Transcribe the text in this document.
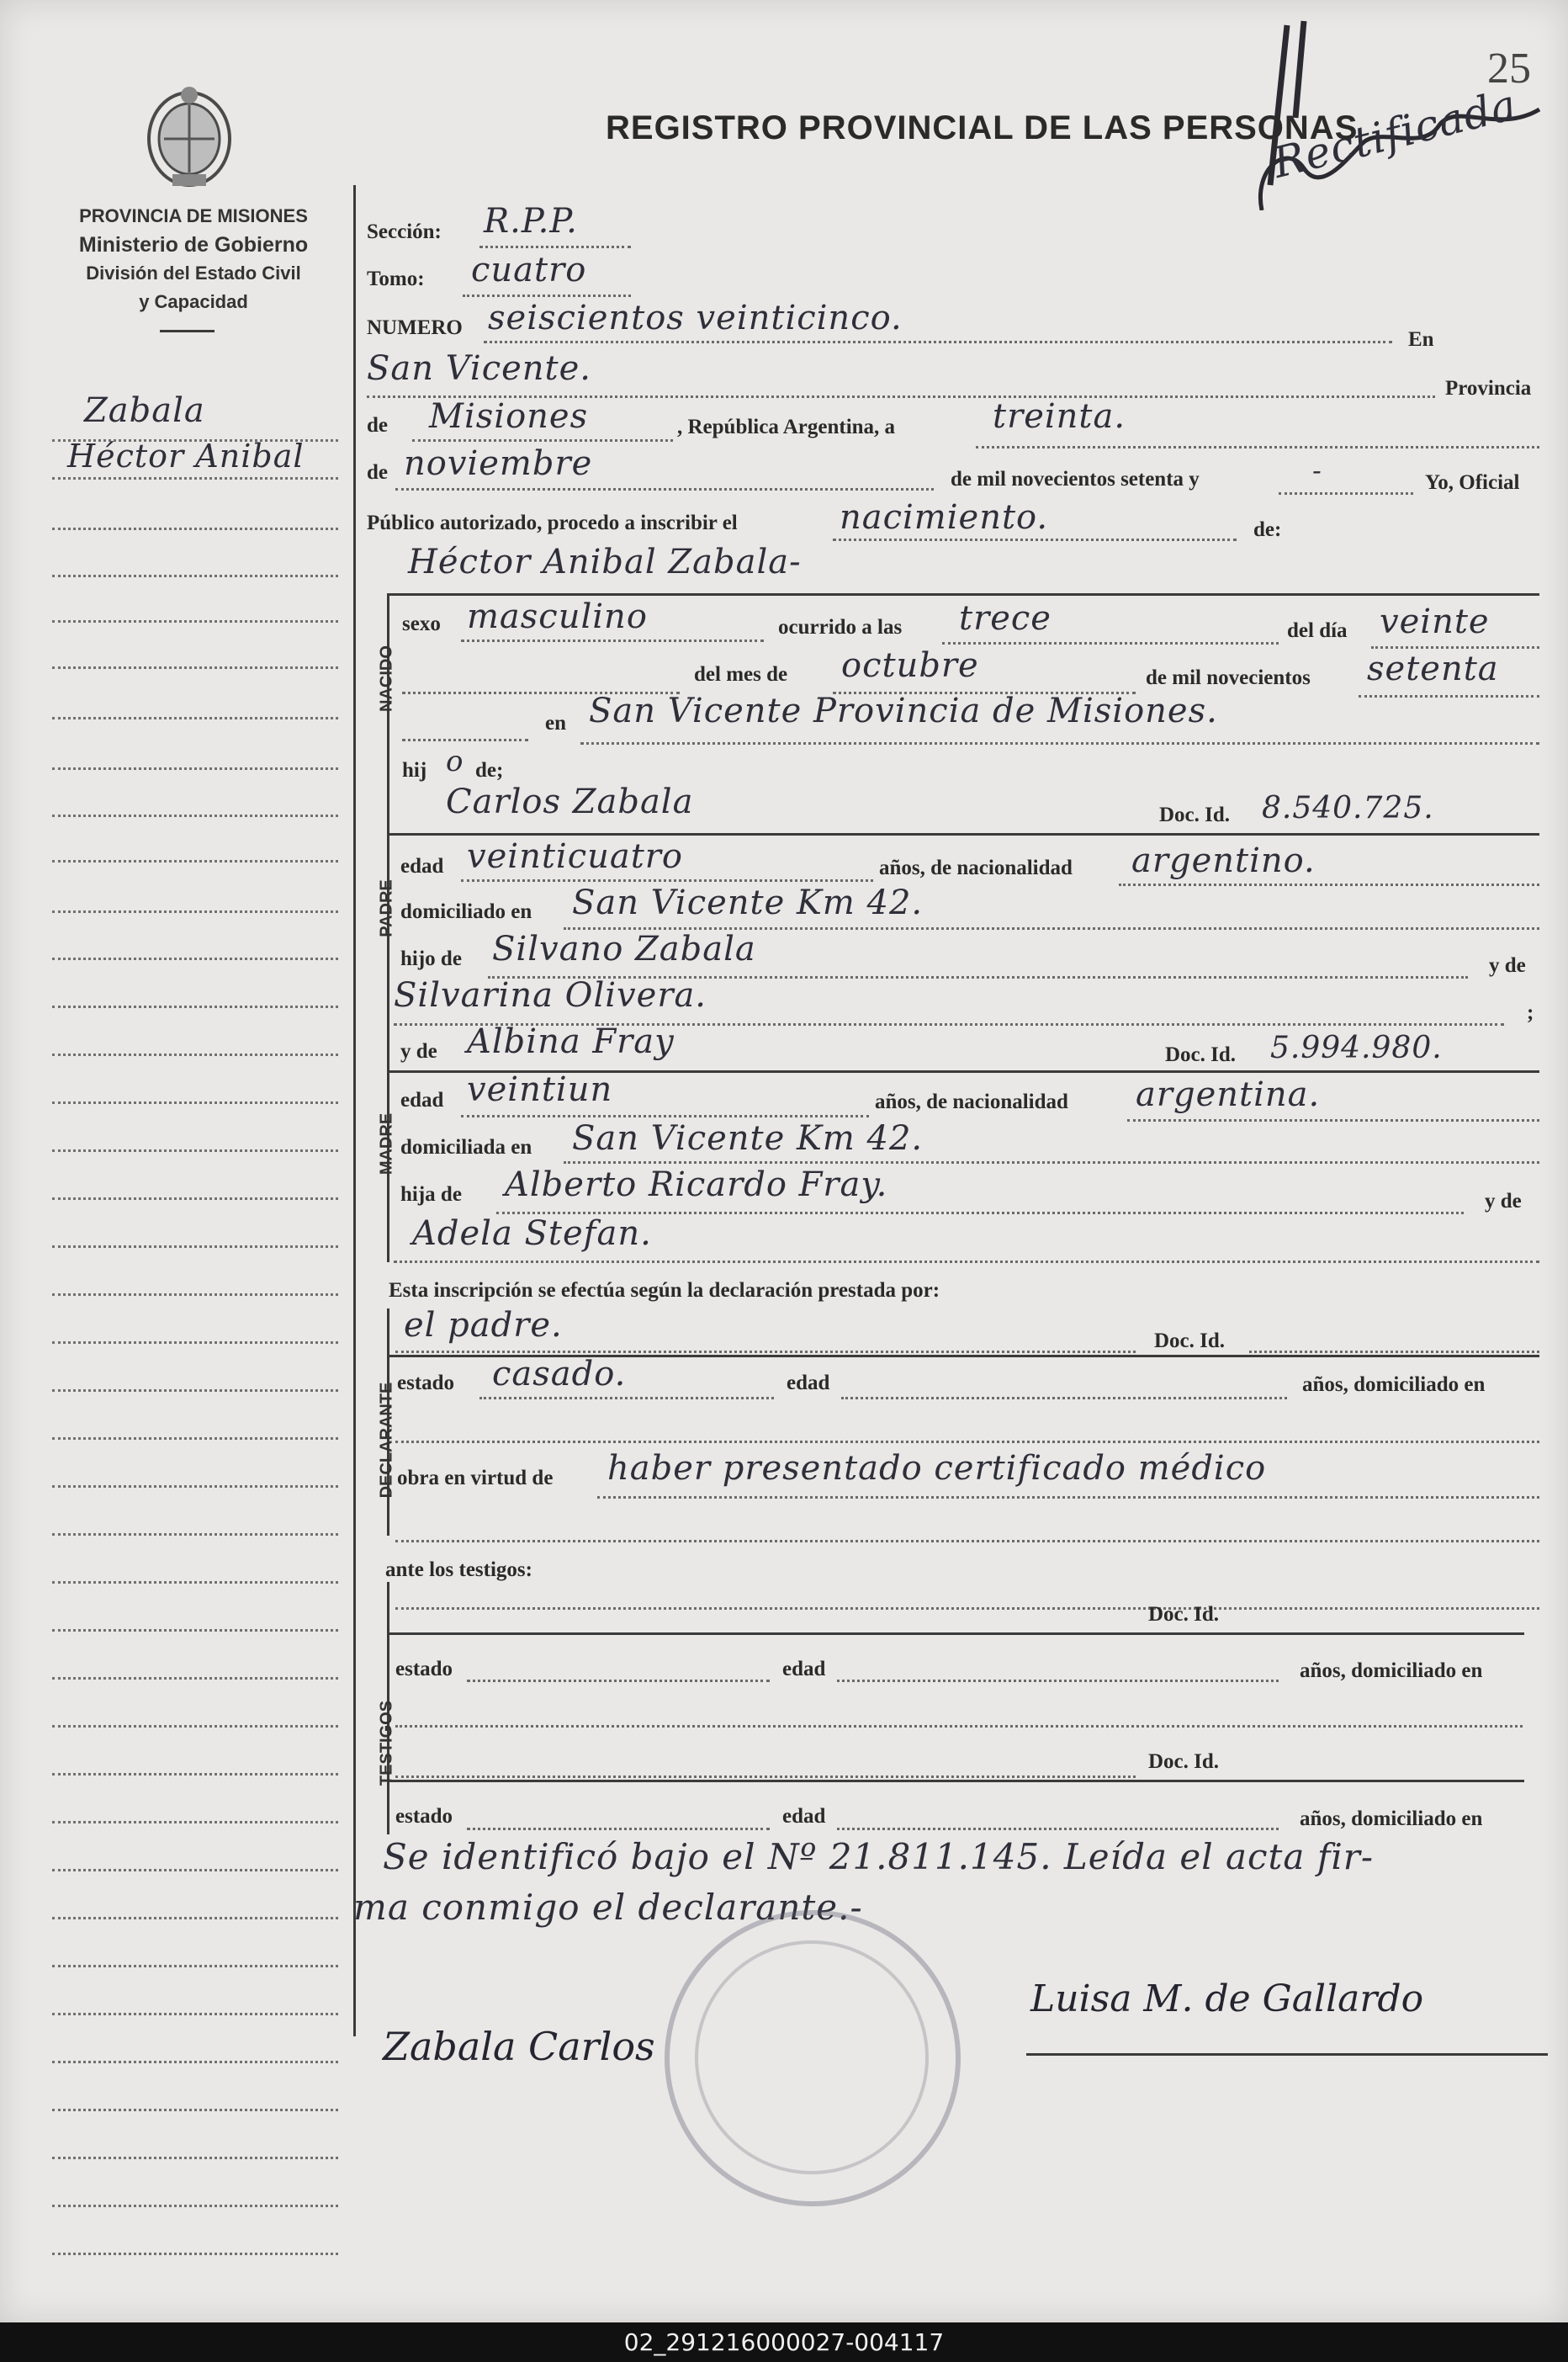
Rectificada
25
REGISTRO PROVINCIAL DE LAS PERSONAS
PROVINCIA DE MISIONES
Ministerio de Gobierno
División del Estado Civil
y Capacidad
Zabala
Héctor Anibal
Sección: R.P.P.
Tomo: cuatro
NUMERO seiscientos veinticinco.
En
San Vicente.
Provincia
de Misiones	, República Argentina, a	treinta.
de noviembre	de mil novecientos setenta y	-	Yo, Oficial
Público autorizado, procedo a inscribir el	nacimiento.	de:
Héctor Anibal Zabala-
NACIDO
sexo masculino	ocurrido a las trece	del día veinte
del mes de octubre	de mil novecientos setenta
en San Vicente Provincia de Misiones.
hij o de;
Carlos Zabala	Doc. Id. 8.540.725.
PADRE
edad veinticuatro	años, de nacionalidad argentino.
domiciliado en San Vicente Km 42.
hijo de Silvano Zabala	y de
Silvarina Olivera.	;
y de Albina Fray	Doc. Id. 5.994.980.
MADRE
edad veintiun	años, de nacionalidad argentina.
domiciliada en San Vicente Km 42.
hija de Alberto Ricardo Fray.	y de
Adela Stefan.
Esta inscripción se efectúa según la declaración prestada por:
el padre.	Doc. Id.
DECLARANTE estado casado.	edad	años, domiciliado en
obra en virtud de haber presentado certificado médico
ante los testigos:
TESTIGOS
Doc. Id.
estado	edad	años, domiciliado en
Doc. Id.
estado	edad	años, domiciliado en
Se identificó bajo el Nº 21.811.145. Leída el acta fir-
ma conmigo el declarante.-
Luisa M. de Gallardo
Zabala Carlos
02_291216000027-004117
